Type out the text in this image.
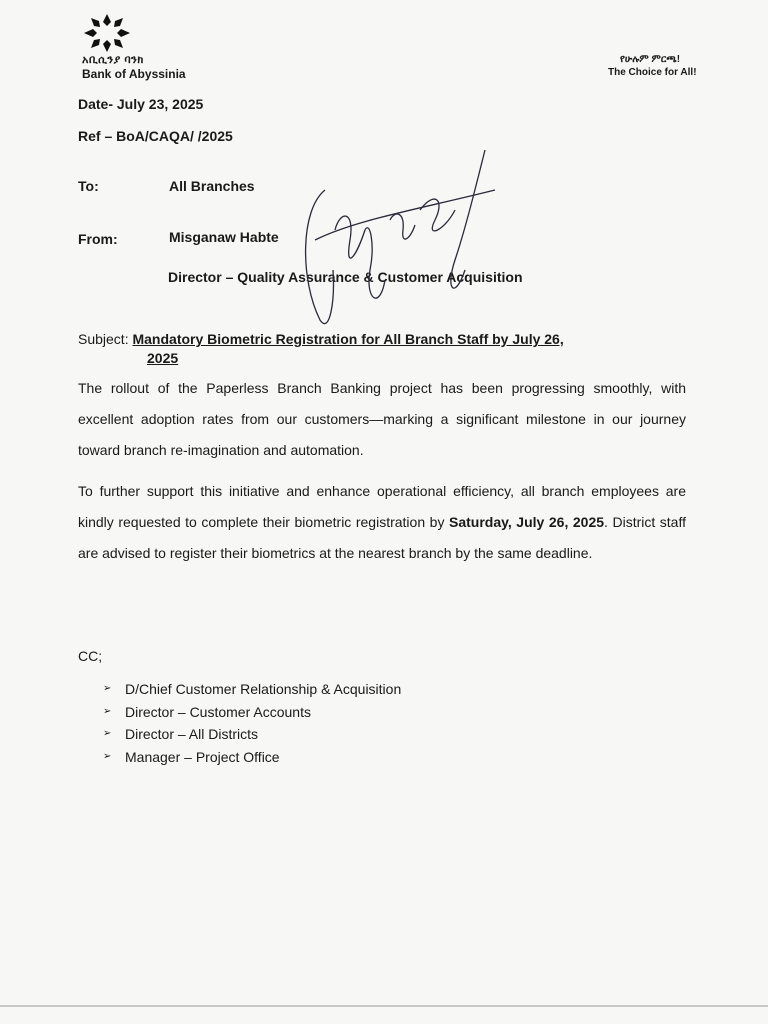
አቢሲንያ ባንክ
Bank of Abyssinia
የሁሉም ምርጫ!
The Choice for All!
Date- July 23, 2025
Ref – BoA/CAQA/ /2025
To:	All Branches
From:	Misganaw Habte
Director – Quality Assurance & Customer Acquisition
Subject: Mandatory Biometric Registration for All Branch Staff by July 26,
2025
The rollout of the Paperless Branch Banking project has been progressing smoothly, with excellent adoption rates from our customers—marking a significant milestone in our journey toward branch re-imagination and automation.
To further support this initiative and enhance operational efficiency, all branch employees are kindly requested to complete their biometric registration by Saturday, July 26, 2025. District staff are advised to register their biometrics at the nearest branch by the same deadline.
CC;
➢ D/Chief Customer Relationship & Acquisition
➢ Director – Customer Accounts
➢ Director – All Districts
➢ Manager – Project Office
